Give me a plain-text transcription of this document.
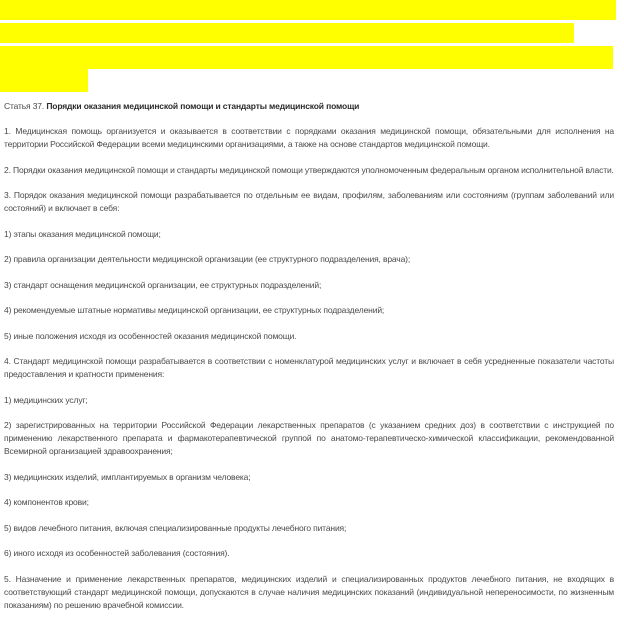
Статья 37. Порядки оказания медицинской помощи и стандарты медицинской помощи

1. Медицинская помощь организуется и оказывается в соответствии с порядками оказания медицинской помощи, обязательными для исполнения на территории Российской Федерации всеми медицинскими организациями, а также на основе стандартов медицинской помощи.

2. Порядки оказания медицинской помощи и стандарты медицинской помощи утверждаются уполномоченным федеральным органом исполнительной власти.

3. Порядок оказания медицинской помощи разрабатывается по отдельным ее видам, профилям, заболеваниям или состояниям (группам заболеваний или состояний) и включает в себя:

1) этапы оказания медицинской помощи;

2) правила организации деятельности медицинской организации (ее структурного подразделения, врача);

3) стандарт оснащения медицинской организации, ее структурных подразделений;

4) рекомендуемые штатные нормативы медицинской организации, ее структурных подразделений;

5) иные положения исходя из особенностей оказания медицинской помощи.

4. Стандарт медицинской помощи разрабатывается в соответствии с номенклатурой медицинских услуг и включает в себя усредненные показатели частоты предоставления и кратности применения:

1) медицинских услуг;

2) зарегистрированных на территории Российской Федерации лекарственных препаратов (с указанием средних доз) в соответствии с инструкцией по применению лекарственного препарата и фармакотерапевтической группой по анатомо-терапевтическо-химической классификации, рекомендованной Всемирной организацией здравоохранения;

3) медицинских изделий, имплантируемых в организм человека;

4) компонентов крови;

5) видов лечебного питания, включая специализированные продукты лечебного питания;

6) иного исходя из особенностей заболевания (состояния).

5. Назначение и применение лекарственных препаратов, медицинских изделий и специализированных продуктов лечебного питания, не входящих в соответствующий стандарт медицинской помощи, допускаются в случае наличия медицинских показаний (индивидуальной непереносимости, по жизненным показаниям) по решению врачебной комиссии.
